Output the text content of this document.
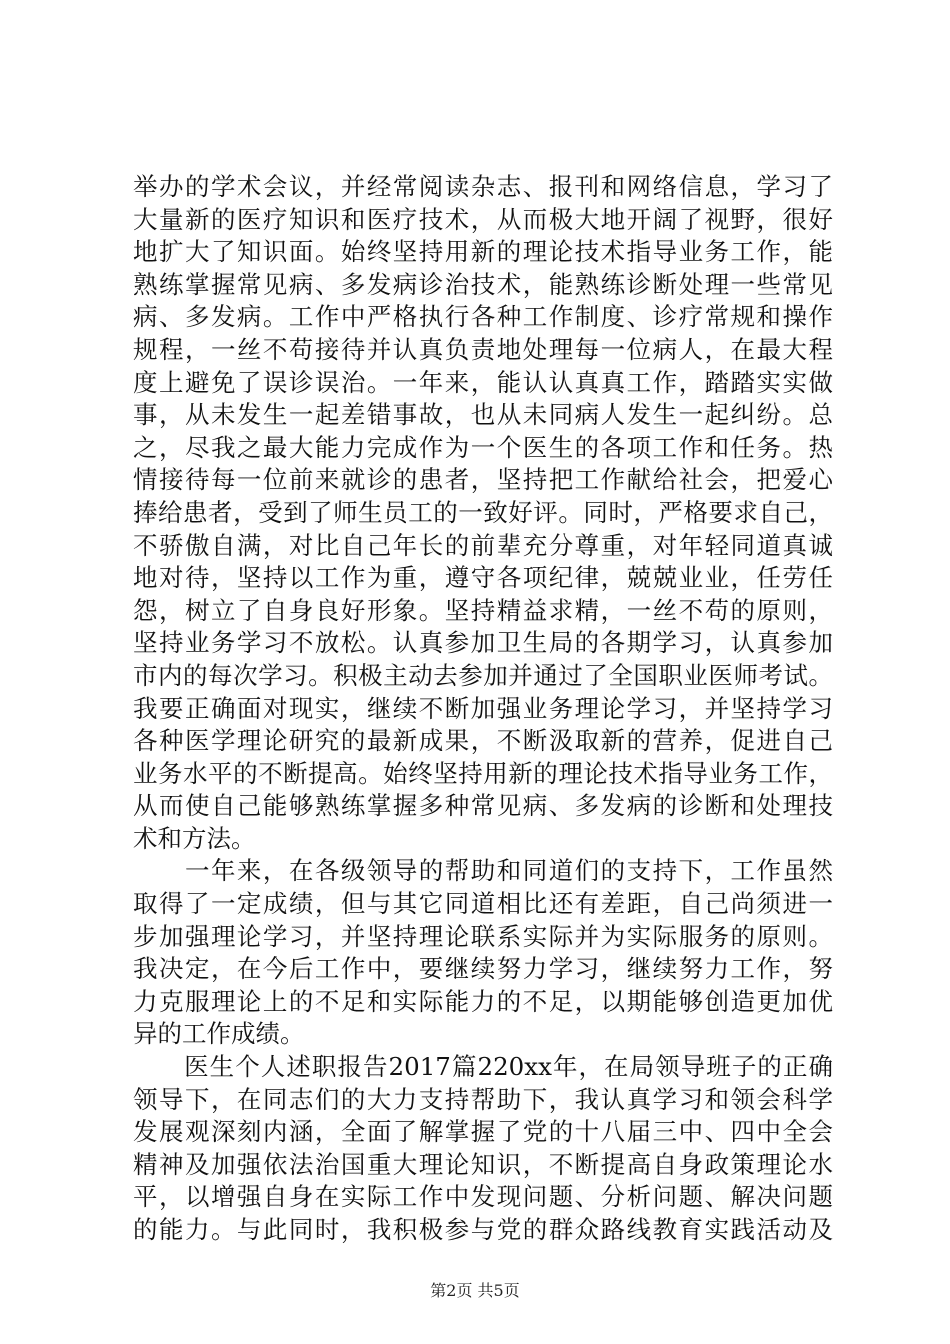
举办的学术会议，并经常阅读杂志、报刊和网络信息，学习了
大量新的医疗知识和医疗技术，从而极大地开阔了视野，很好
地扩大了知识面。始终坚持用新的理论技术指导业务工作，能
熟练掌握常见病、多发病诊治技术，能熟练诊断处理一些常见
病、多发病。工作中严格执行各种工作制度、诊疗常规和操作
规程，一丝不苟接待并认真负责地处理每一位病人，在最大程
度上避免了误诊误治。一年来，能认认真真工作，踏踏实实做
事，从未发生一起差错事故，也从未同病人发生一起纠纷。总
之，尽我之最大能力完成作为一个医生的各项工作和任务。热
情接待每一位前来就诊的患者，坚持把工作献给社会，把爱心
捧给患者，受到了师生员工的一致好评。同时，严格要求自己，
不骄傲自满，对比自己年长的前辈充分尊重，对年轻同道真诚
地对待，坚持以工作为重，遵守各项纪律，兢兢业业，任劳任
怨，树立了自身良好形象。坚持精益求精，一丝不苟的原则，
坚持业务学习不放松。认真参加卫生局的各期学习，认真参加
市内的每次学习。积极主动去参加并通过了全国职业医师考试。
我要正确面对现实，继续不断加强业务理论学习，并坚持学习
各种医学理论研究的最新成果，不断汲取新的营养，促进自己
业务水平的不断提高。始终坚持用新的理论技术指导业务工作，
从而使自己能够熟练掌握多种常见病、多发病的诊断和处理技
术和方法。
　　一年来，在各级领导的帮助和同道们的支持下，工作虽然
取得了一定成绩，但与其它同道相比还有差距，自己尚须进一
步加强理论学习，并坚持理论联系实际并为实际服务的原则。
我决定，在今后工作中，要继续努力学习，继续努力工作，努
力克服理论上的不足和实际能力的不足，以期能够创造更加优
异的工作成绩。
　　医生个人述职报告2017篇220xx年，在局领导班子的正确
领导下，在同志们的大力支持帮助下，我认真学习和领会科学
发展观深刻内涵，全面了解掌握了党的十八届三中、四中全会
精神及加强依法治国重大理论知识，不断提高自身政策理论水
平，以增强自身在实际工作中发现问题、分析问题、解决问题
的能力。与此同时，我积极参与党的群众路线教育实践活动及
第2页 共5页
